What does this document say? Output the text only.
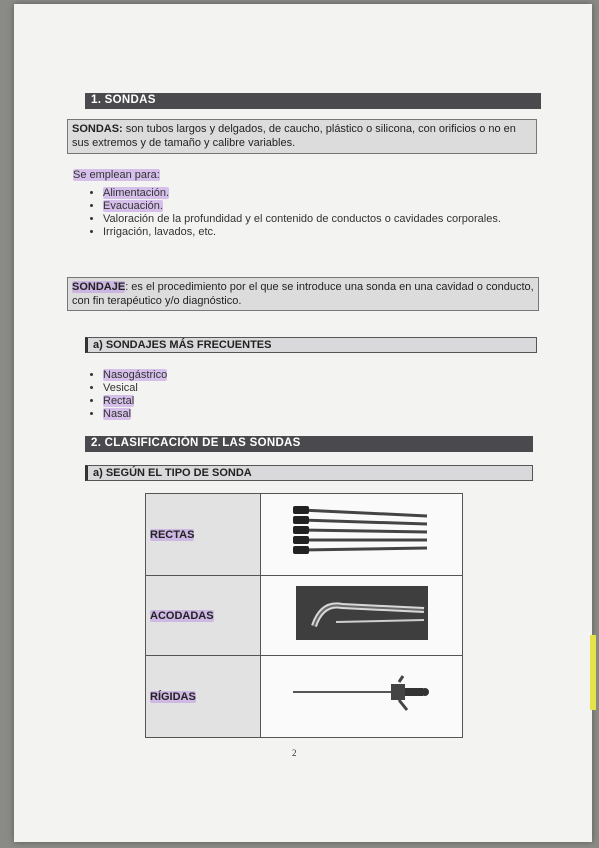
1. SONDAS
SONDAS: son tubos largos y delgados, de caucho, plástico o silicona, con orificios o no en sus extremos y de tamaño y calibre variables.
Se emplean para:
• Alimentación.
• Evacuación.
• Valoración de la profundidad y el contenido de conductos o cavidades corporales.
• Irrigación, lavados, etc.
SONDAJE: es el procedimiento por el que se introduce una sonda en una cavidad o conducto, con fin terapéutico y/o diagnóstico.
a) SONDAJES MÁS FRECUENTES
• Nasogástrico
• Vesical
• Rectal
• Nasal
2. CLASIFICACIÓN DE LAS SONDAS
a) SEGÚN EL TIPO DE SONDA
RECTAS	
ACODADAS	
RÍGIDAS	
2
